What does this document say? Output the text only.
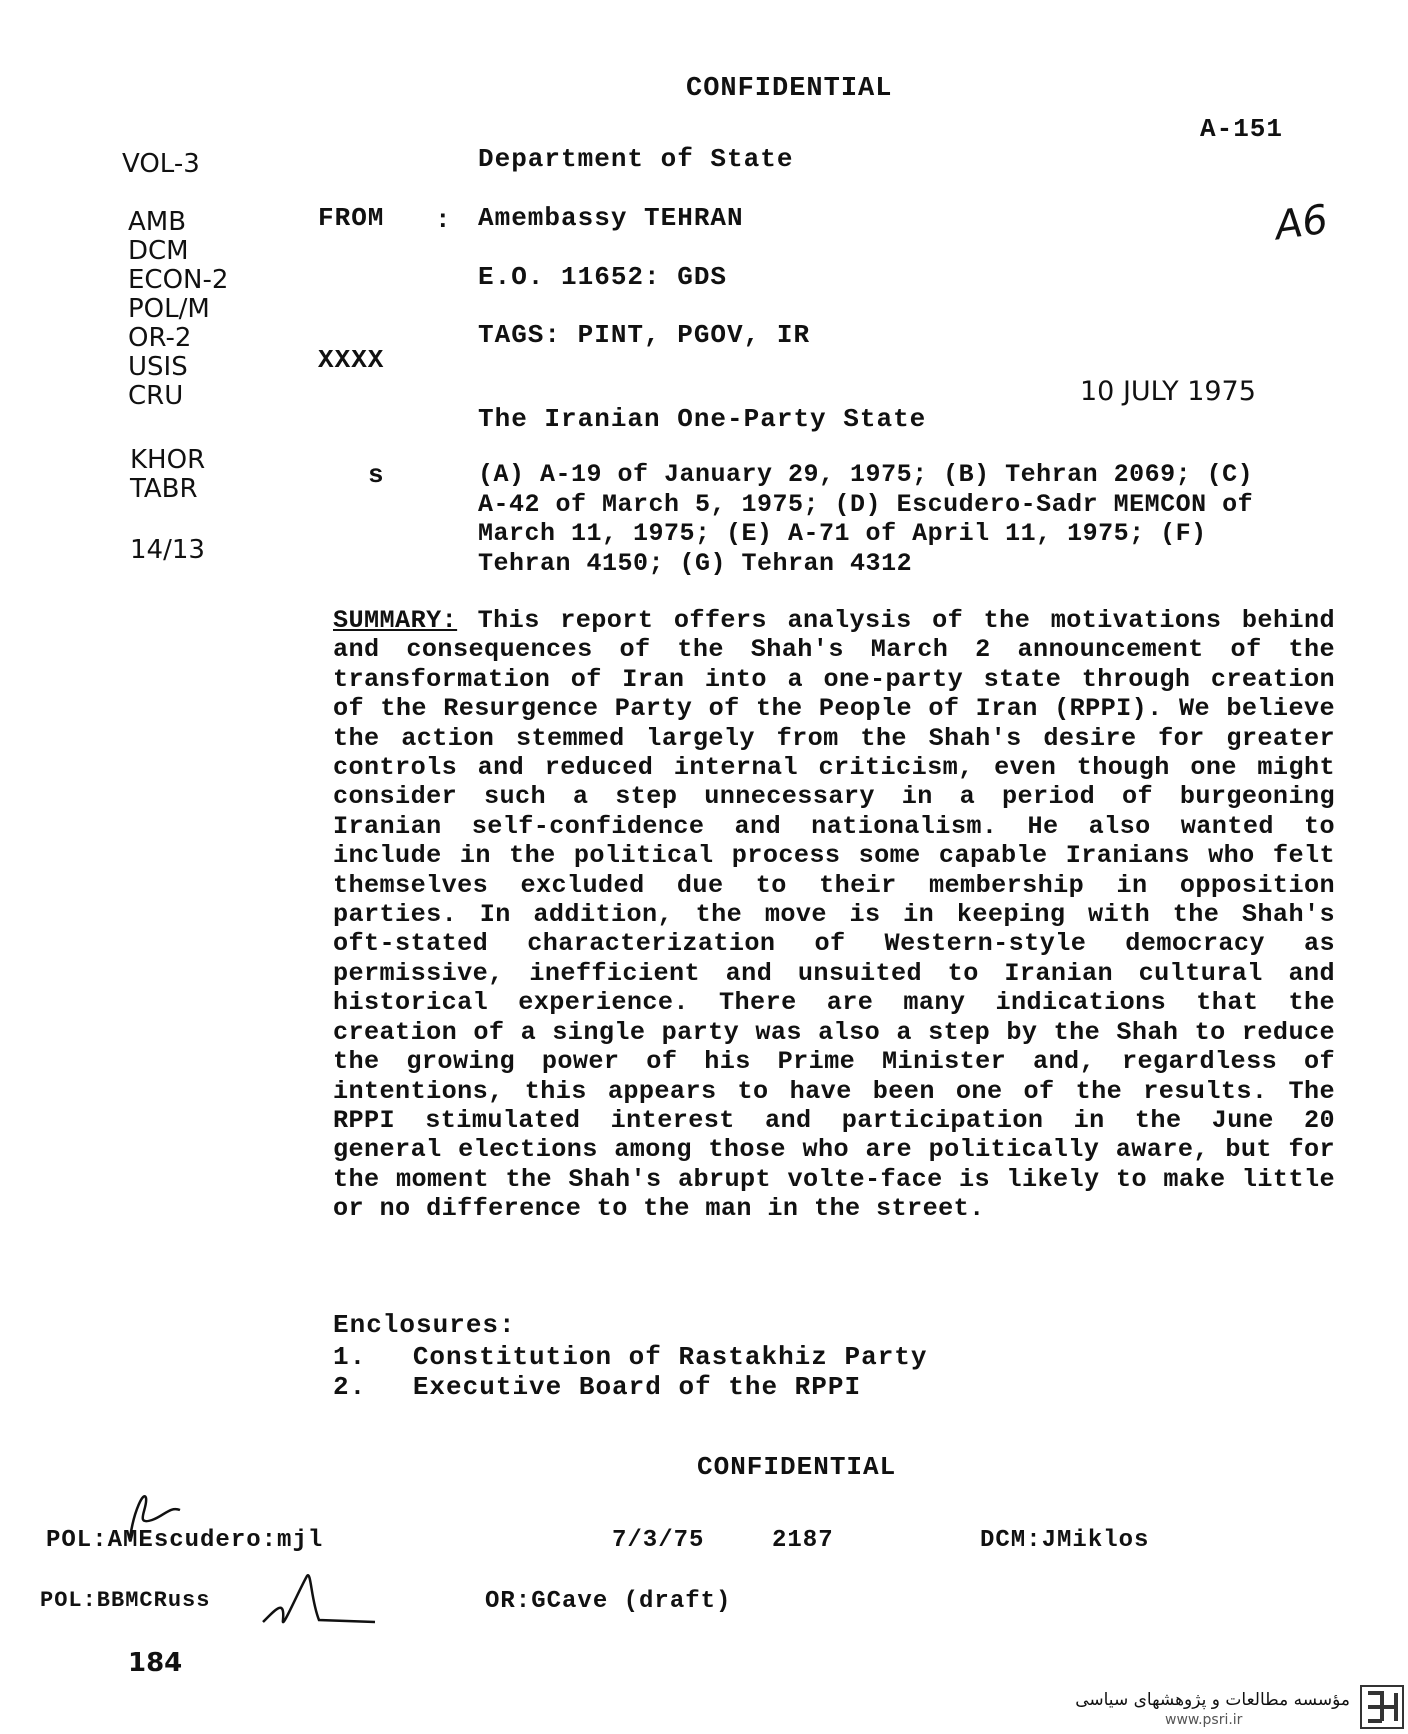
CONFIDENTIAL
A-151
A6
VOL-3
AMB
DCM
ECON-2
POL/M
OR-2
USIS
CRU
KHOR
TABR
14/13
Department of State
FROM : Amembassy TEHRAN
E.O. 11652: GDS
TAGS: PINT, PGOV, IR
XXXX
10 JULY 1975
The Iranian One-Party State
s	(A) A-19 of January 29, 1975; (B) Tehran 2069; (C) A-42 of March 5, 1975; (D) Escudero-Sadr MEMCON of March 11, 1975; (E) A-71 of April 11, 1975; (F) Tehran 4150; (G) Tehran 4312
SUMMARY: This report offers analysis of the motivations behind and consequences of the Shah's March 2 announcement of the transformation of Iran into a one-party state through creation of the Resurgence Party of the People of Iran (RPPI). We believe the action stemmed largely from the Shah's desire for greater controls and reduced internal criticism, even though one might consider such a step unnecessary in a period of burgeoning Iranian self-confidence and nationalism. He also wanted to include in the political process some capable Iranians who felt themselves excluded due to their membership in opposition parties. In addition, the move is in keeping with the Shah's oft-stated characterization of Western-style democracy as permissive, inefficient and unsuited to Iranian cultural and historical experience. There are many indications that the creation of a single party was also a step by the Shah to reduce the growing power of his Prime Minister and, regardless of intentions, this appears to have been one of the results. The RPPI stimulated interest and participation in the June 20 general elections among those who are politically aware, but for the moment the Shah's abrupt volte-face is likely to make little or no difference to the man in the street.
Enclosures:
1. Constitution of Rastakhiz Party
2. Executive Board of the RPPI
CONFIDENTIAL
POL:AMEscudero:mjl	7/3/75	2187	DCM:JMiklos
POL:BBMCRuss	OR:GCave (draft)
184
مؤسسه مطالعات و پژوهشهای سیاسی
www.psri.ir
